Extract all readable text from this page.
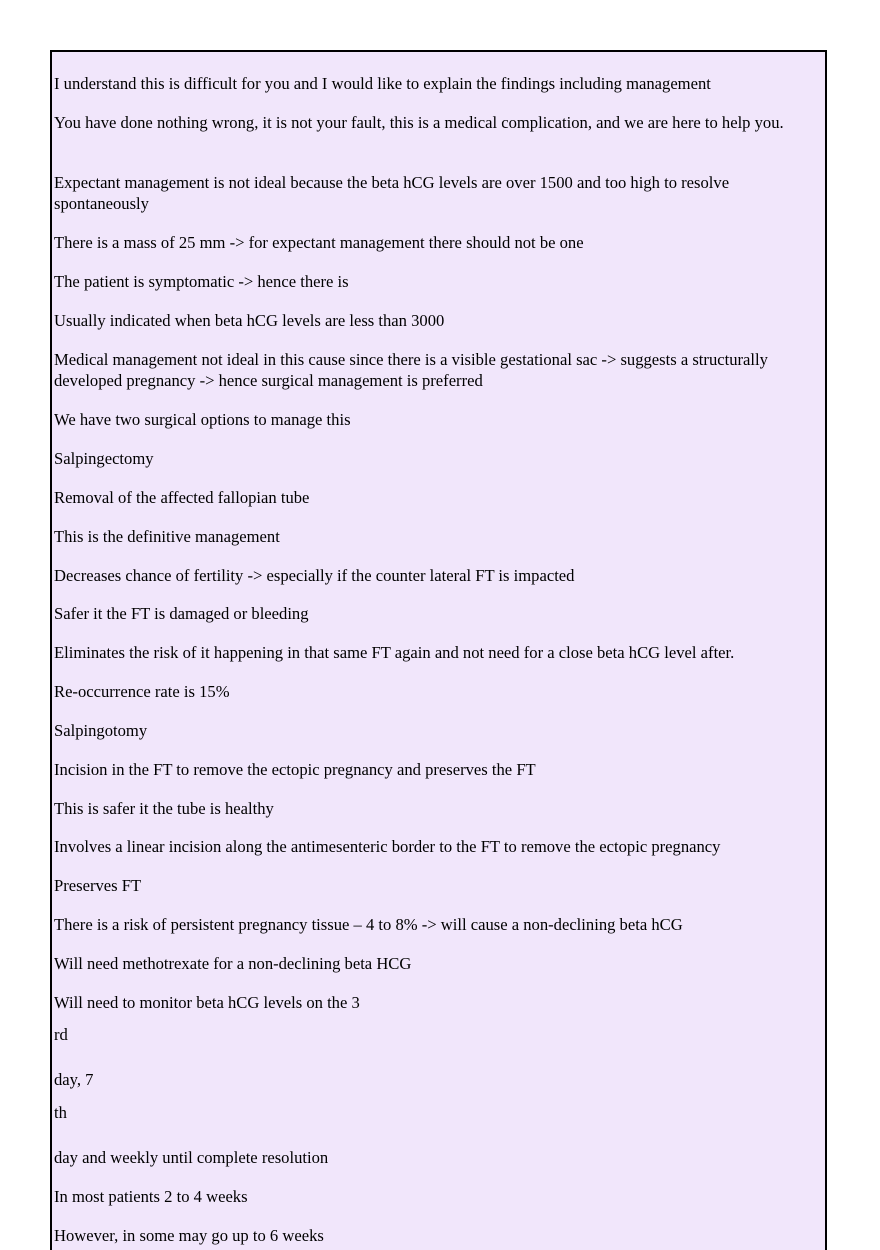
I understand this is difficult for you and I would like to explain the findings including management

You have done nothing wrong, it is not your fault, this is a medical complication, and we are here to help you.

Expectant management is not ideal because the beta hCG levels are over 1500 and too high to resolve spontaneously

There is a mass of 25 mm -> for expectant management there should not be one

The patient is symptomatic -> hence there is

Usually indicated when beta hCG levels are less than 3000

Medical management not ideal in this cause since there is a visible gestational sac -> suggests a structurally developed pregnancy -> hence surgical management is preferred

We have two surgical options to manage this

Salpingectomy

Removal of the affected fallopian tube

This is the definitive management

Decreases chance of fertility -> especially if the counter lateral FT is impacted

Safer it the FT is damaged or bleeding

Eliminates the risk of it happening in that same FT again and not need for a close beta hCG level after.

Re-occurrence rate is 15%

Salpingotomy

Incision in the FT to remove the ectopic pregnancy and preserves the FT

This is safer it the tube is healthy

Involves a linear incision along the antimesenteric border to the FT to remove the ectopic pregnancy

Preserves FT

There is a risk of persistent pregnancy tissue – 4 to 8% -> will cause a non-declining beta hCG

Will need methotrexate for a non-declining beta HCG

Will need to monitor beta hCG levels on the 3

rd

day, 7

th

day and weekly until complete resolution

In most patients 2 to 4 weeks

However, in some may go up to 6 weeks
